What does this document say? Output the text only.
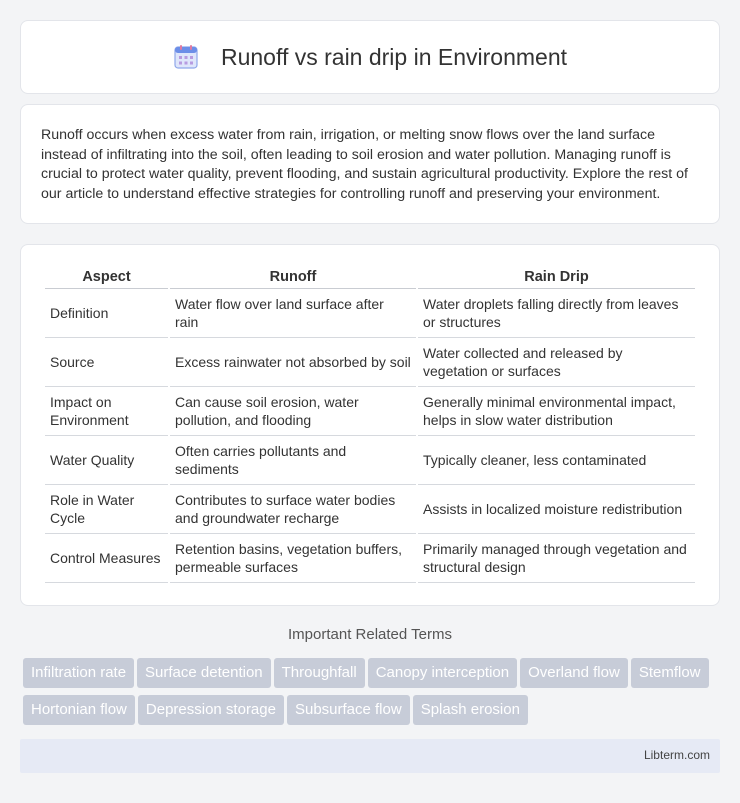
Runoff vs rain drip in Environment

Runoff occurs when excess water from rain, irrigation, or melting snow flows over the land surface instead of infiltrating into the soil, often leading to soil erosion and water pollution. Managing runoff is crucial to protect water quality, prevent flooding, and sustain agricultural productivity. Explore the rest of our article to understand effective strategies for controlling runoff and preserving your environment.

Aspect	Runoff	Rain Drip
Definition	Water flow over land surface after rain	Water droplets falling directly from leaves or structures
Source	Excess rainwater not absorbed by soil	Water collected and released by vegetation or surfaces
Impact on Environment	Can cause soil erosion, water pollution, and flooding	Generally minimal environmental impact, helps in slow water distribution
Water Quality	Often carries pollutants and sediments	Typically cleaner, less contaminated
Role in Water Cycle	Contributes to surface water bodies and groundwater recharge	Assists in localized moisture redistribution
Control Measures	Retention basins, vegetation buffers, permeable surfaces	Primarily managed through vegetation and structural design
Important Related Terms
Infiltration rate Surface detention Throughfall Canopy interception Overland flow StemflowHortonian flow Depression storage Subsurface flow Splash erosion
Libterm.com
